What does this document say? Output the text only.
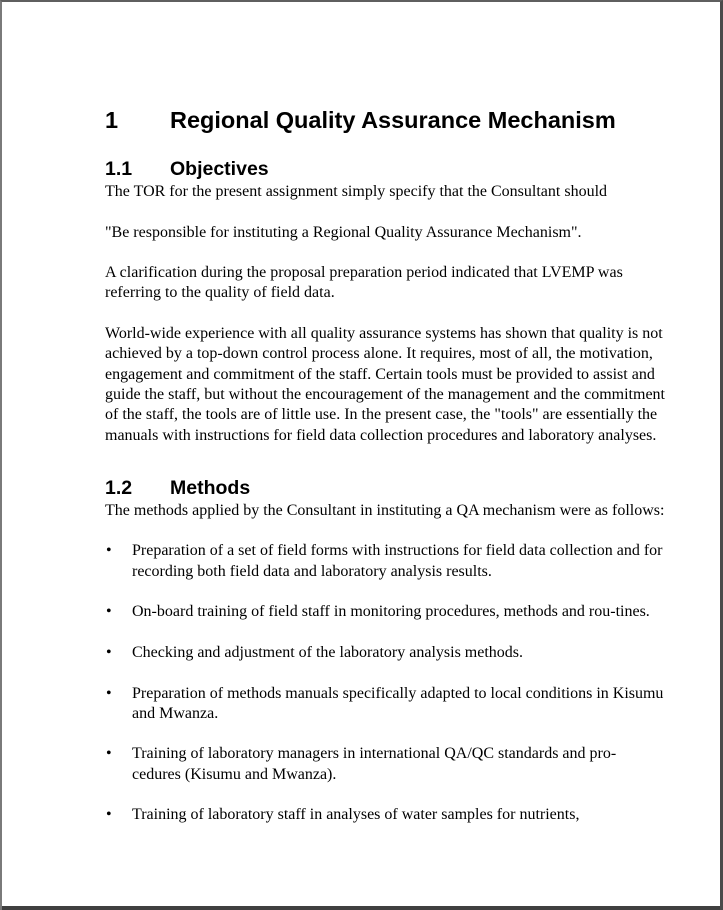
1	Regional Quality Assurance Mechanism
1.1	Objectives

The TOR for the present assignment simply specify that the Consultant should

"Be responsible for instituting a Regional Quality Assurance Mechanism".

A clarification during the proposal preparation period indicated that LVEMP was referring to the quality of field data.

World-wide experience with all quality assurance systems has shown that quality is not achieved by a top-down control process alone. It requires, most of all, the motivation, engagement and commitment of the staff. Certain tools must be provided to assist and guide the staff, but without the encouragement of the management and the commitment of the staff, the tools are of little use. In the present case, the "tools" are essentially the manuals with instructions for field data collection procedures and laboratory analyses.

1.2	Methods

The methods applied by the Consultant in instituting a QA mechanism were as follows:

•	Preparation of a set of field forms with instructions for field data collection and for recording both field data and laboratory analysis results.
•	On-board training of field staff in monitoring procedures, methods and rou-tines.
•	Checking and adjustment of the laboratory analysis methods.
•	Preparation of methods manuals specifically adapted to local conditions in Kisumu and Mwanza.
•	Training of laboratory managers in international QA/QC standards and pro-cedures (Kisumu and Mwanza).
•	Training of laboratory staff in analyses of water samples for nutrients,
